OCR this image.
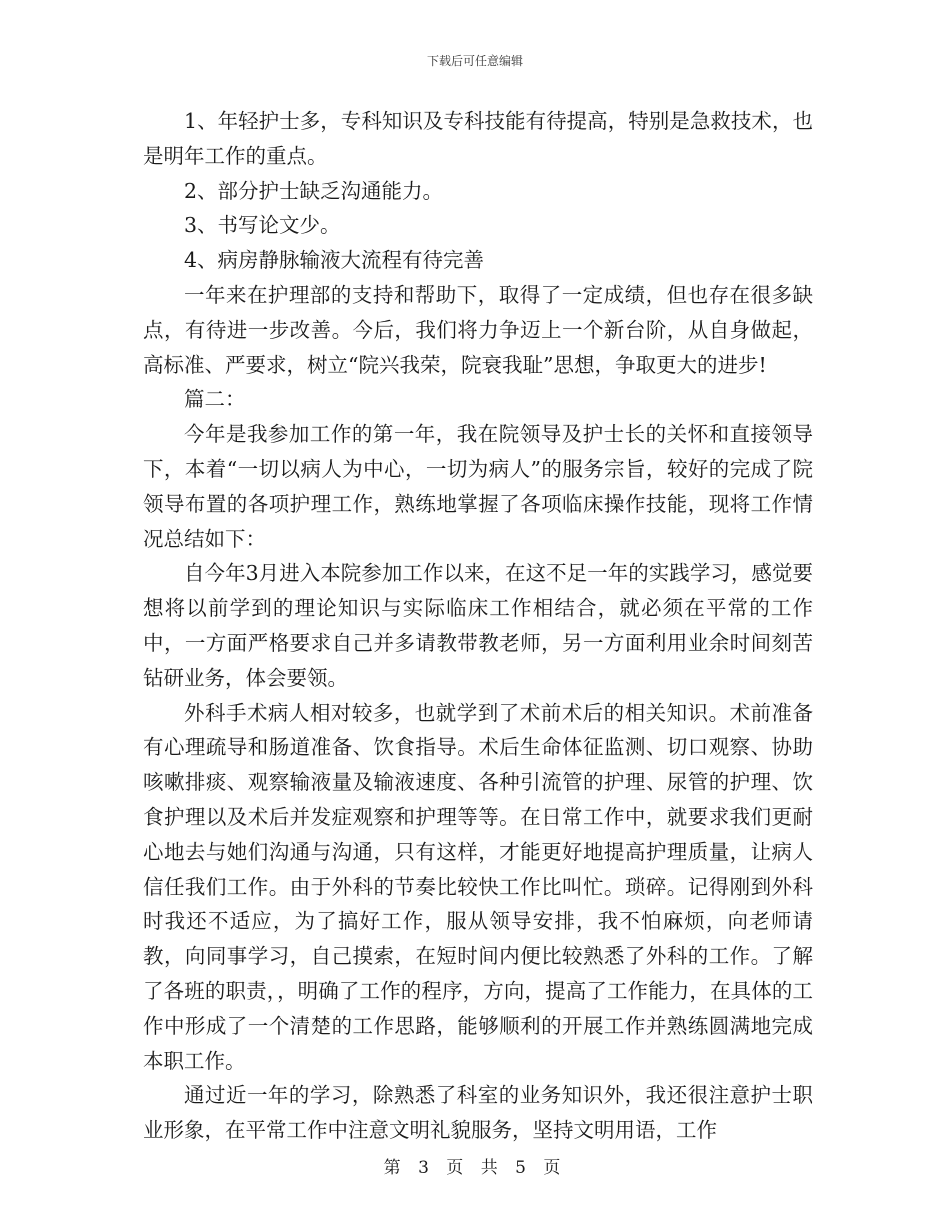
下载后可任意编辑

1、年轻护士多，专科知识及专科技能有待提高，特别是急救技术，也是明年工作的重点。

2、部分护士缺乏沟通能力。

3、书写论文少。

4、病房静脉输液大流程有待完善

一年来在护理部的支持和帮助下，取得了一定成绩，但也存在很多缺点，有待进一步改善。今后，我们将力争迈上一个新台阶，从自身做起，高标准、严要求，树立“院兴我荣，院衰我耻”思想，争取更大的进步!

篇二：

今年是我参加工作的第一年，我在院领导及护士长的关怀和直接领导下，本着“一切以病人为中心，一切为病人”的服务宗旨，较好的完成了院领导布置的各项护理工作，熟练地掌握了各项临床操作技能，现将工作情况总结如下：

自今年3月进入本院参加工作以来，在这不足一年的实践学习，感觉要想将以前学到的理论知识与实际临床工作相结合，就必须在平常的工作中，一方面严格要求自己并多请教带教老师，另一方面利用业余时间刻苦钻研业务，体会要领。

外科手术病人相对较多，也就学到了术前术后的相关知识。术前准备有心理疏导和肠道准备、饮食指导。术后生命体征监测、切口观察、协助咳嗽排痰、观察输液量及输液速度、各种引流管的护理、尿管的护理、饮食护理以及术后并发症观察和护理等等。在日常工作中，就要求我们更耐心地去与她们沟通与沟通，只有这样，才能更好地提高护理质量，让病人信任我们工作。由于外科的节奏比较快工作比叫忙。琐碎。记得刚到外科时我还不适应，为了搞好工作，服从领导安排，我不怕麻烦，向老师请教，向同事学习，自己摸索，在短时间内便比较熟悉了外科的工作。了解了各班的职责，，明确了工作的程序，方向，提高了工作能力，在具体的工作中形成了一个清楚的工作思路，能够顺利的开展工作并熟练圆满地完成本职工作。

通过近一年的学习，除熟悉了科室的业务知识外，我还很注意护士职业形象，在平常工作中注意文明礼貌服务，坚持文明用语，工作

第 3 页 共 5 页
